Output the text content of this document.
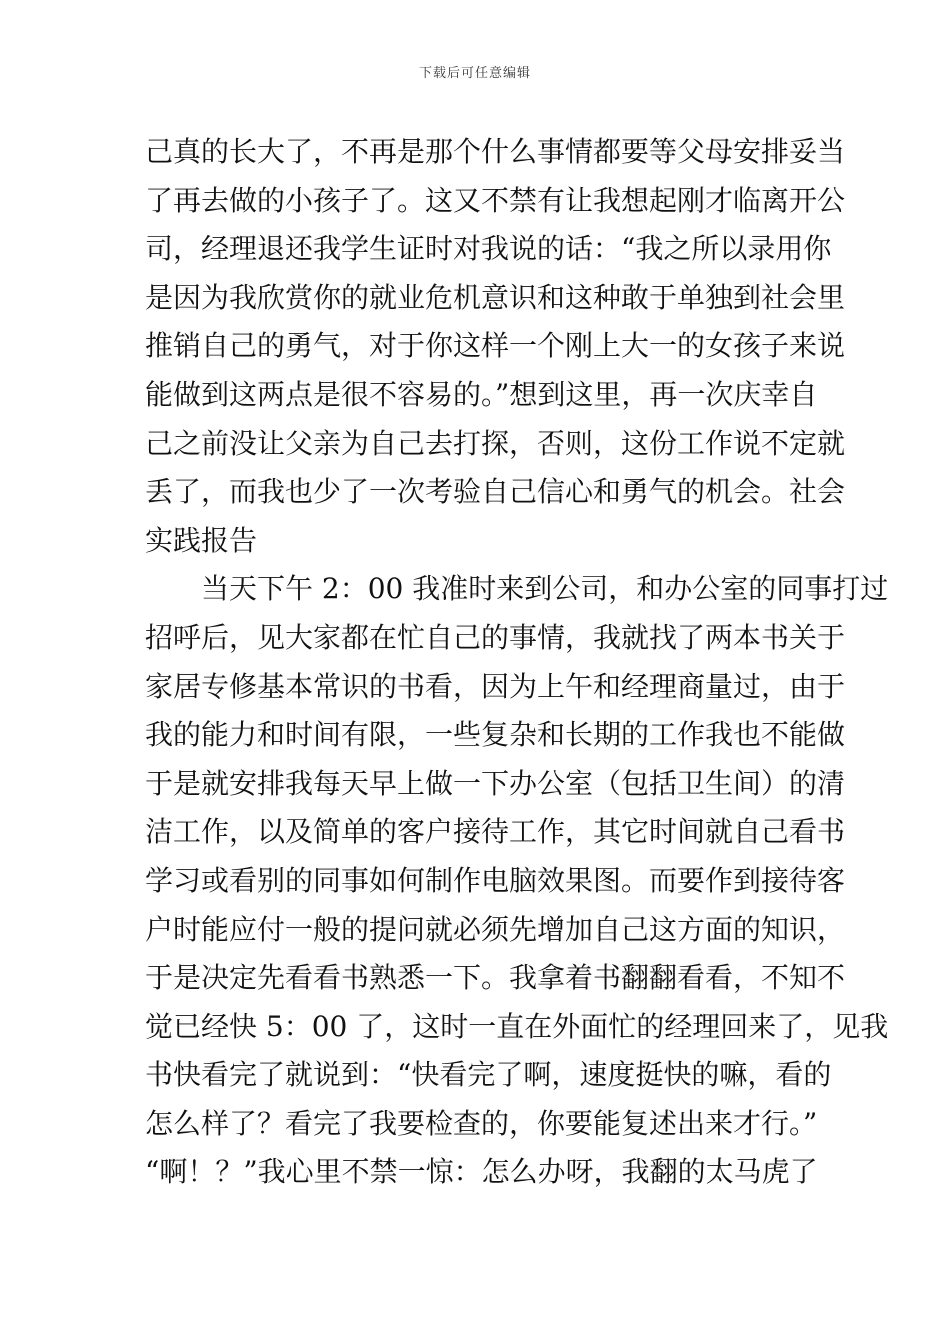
下载后可任意编辑
己真的长大了，不再是那个什么事情都要等父母安排妥当
了再去做的小孩子了。这又不禁有让我想起刚才临离开公
司，经理退还我学生证时对我说的话：“我之所以录用你
是因为我欣赏你的就业危机意识和这种敢于单独到社会里
推销自己的勇气，对于你这样一个刚上大一的女孩子来说
能做到这两点是很不容易的。”想到这里，再一次庆幸自
己之前没让父亲为自己去打探，否则，这份工作说不定就
丢了，而我也少了一次考验自己信心和勇气的机会。社会
实践报告
　　当天下午 2：00 我准时来到公司，和办公室的同事打过
招呼后，见大家都在忙自己的事情，我就找了两本书关于
家居专修基本常识的书看，因为上午和经理商量过，由于
我的能力和时间有限，一些复杂和长期的工作我也不能做
于是就安排我每天早上做一下办公室（包括卫生间）的清
洁工作，以及简单的客户接待工作，其它时间就自己看书
学习或看别的同事如何制作电脑效果图。而要作到接待客
户时能应付一般的提问就必须先增加自己这方面的知识，
于是决定先看看书熟悉一下。我拿着书翻翻看看，不知不
觉已经快 5：00 了，这时一直在外面忙的经理回来了，见我
书快看完了就说到：“快看完了啊，速度挺快的嘛，看的
怎么样了？看完了我要检查的，你要能复述出来才行。”
“啊！？”我心里不禁一惊：怎么办呀，我翻的太马虎了
